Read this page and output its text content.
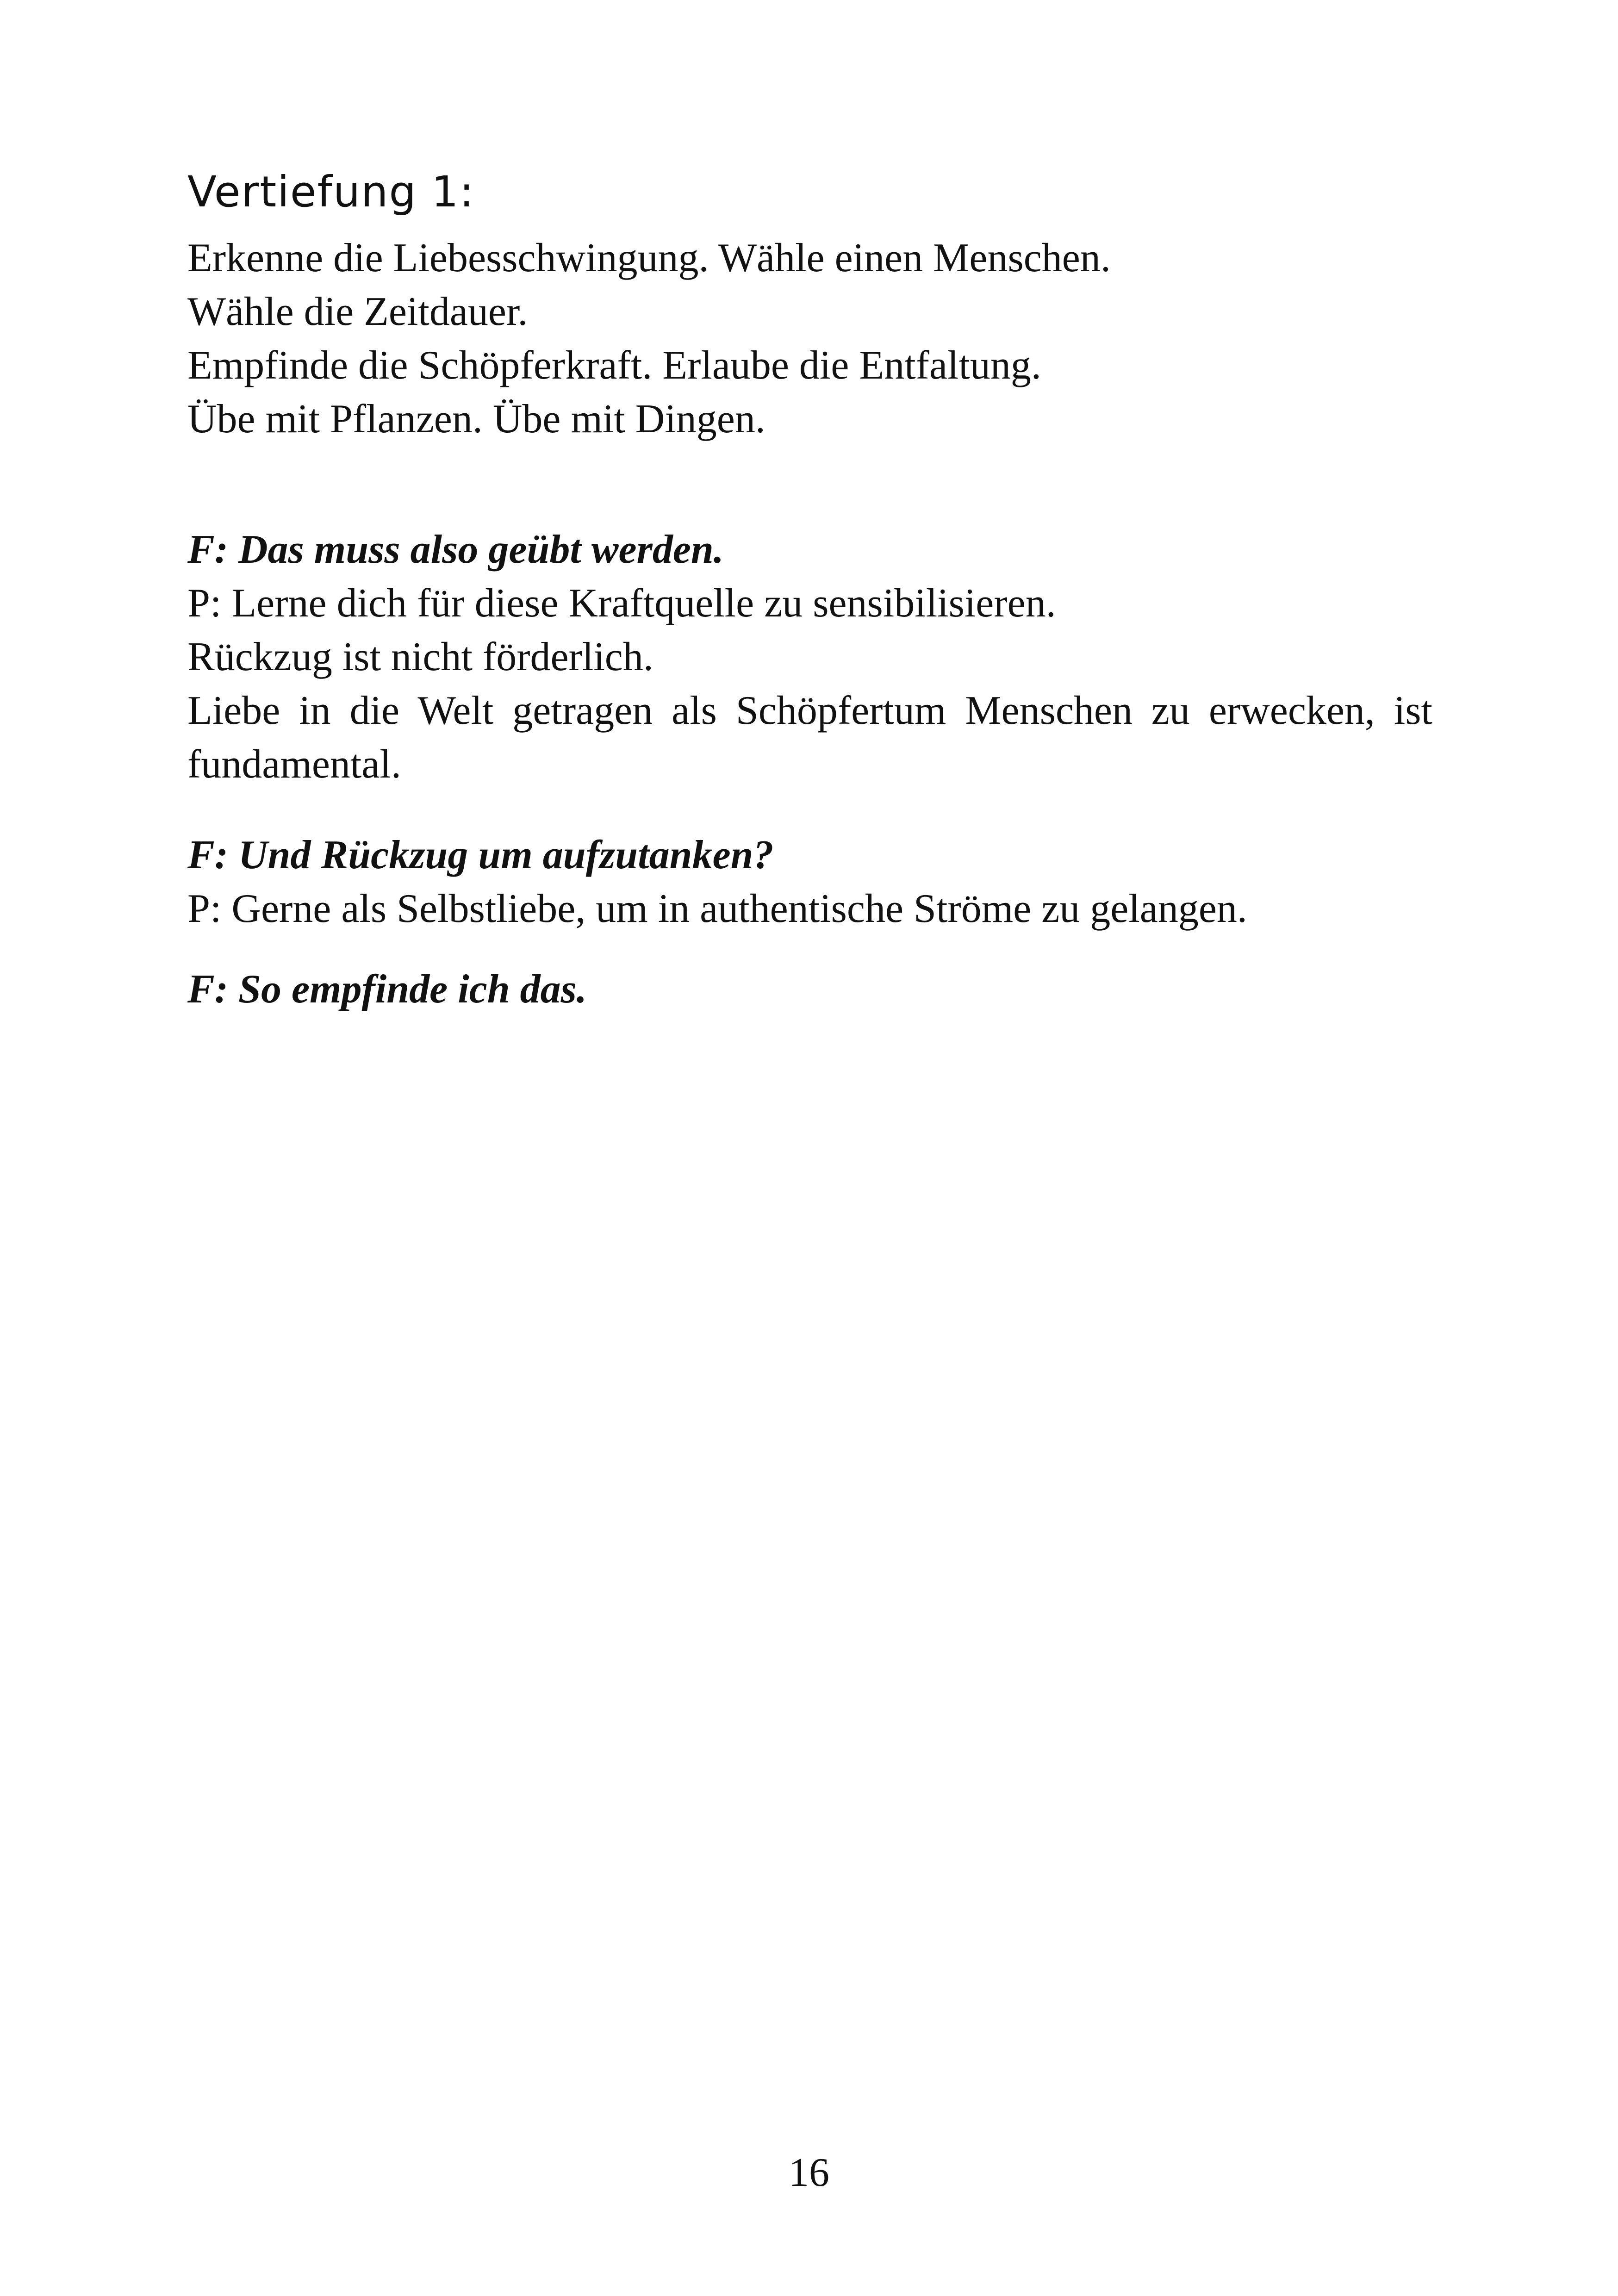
Vertiefung 1:

Erkenne die Liebesschwingung. Wähle einen Menschen.

Wähle die Zeitdauer.

Empfinde die Schöpferkraft. Erlaube die Entfaltung.

Übe mit Pflanzen. Übe mit Dingen.

F: Das muss also geübt werden.

P: Lerne dich für diese Kraftquelle zu sensibilisieren.

Rückzug ist nicht förderlich.

Liebe in die Welt getragen als Schöpfertum Menschen zu erwecken, ist fundamental.

F: Und Rückzug um aufzutanken?

P: Gerne als Selbstliebe, um in authentische Ströme zu gelangen.

F: So empfinde ich das.

16
